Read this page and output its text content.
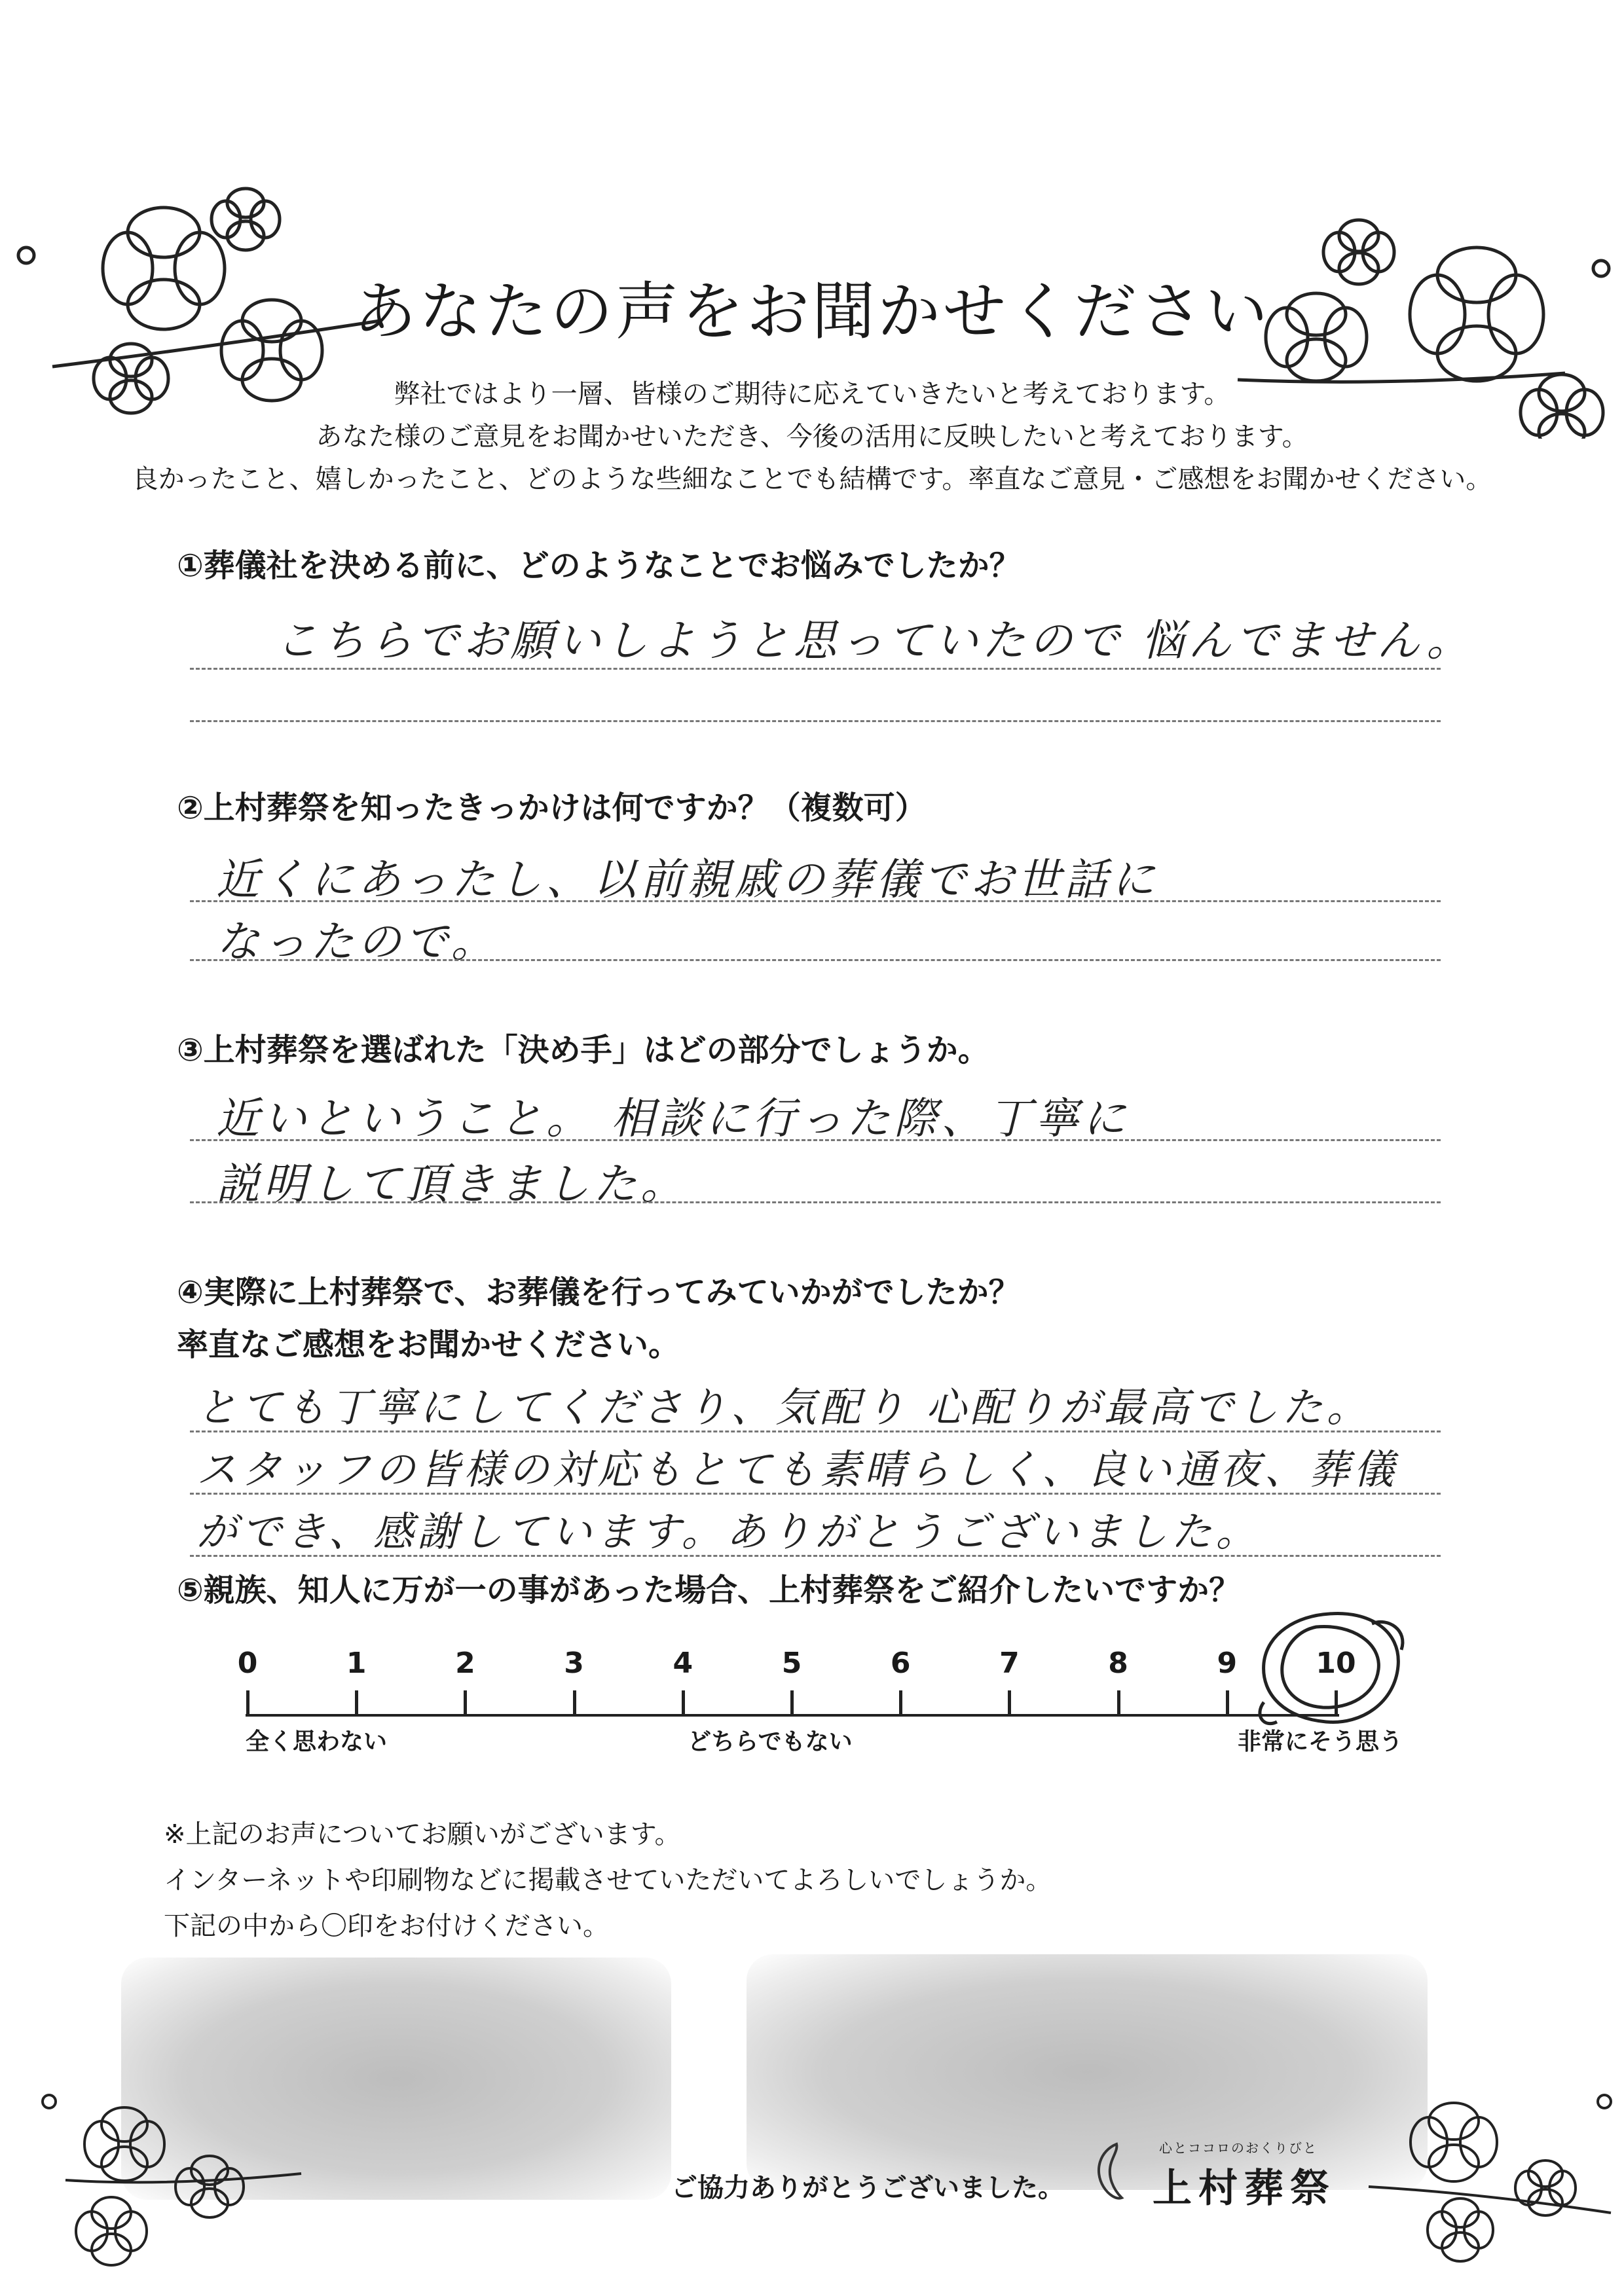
あなたの声をお聞かせください
弊社ではより一層、皆様のご期待に応えていきたいと考えております。
あなた様のご意見をお聞かせいただき、今後の活用に反映したいと考えております。
良かったこと、嬉しかったこと、どのような些細なことでも結構です。率直なご意見・ご感想をお聞かせください。
①葬儀社を決める前に、どのようなことでお悩みでしたか？
こちらでお願いしようと思っていたので 悩んでません。
②上村葬祭を知ったきっかけは何ですか？（複数可）
近くにあったし、以前親戚の葬儀でお世話に
なったので。
③上村葬祭を選ばれた「決め手」はどの部分でしょうか。
近いということ。 相談に行った際、丁寧に
説明して頂きました。
④実際に上村葬祭で、お葬儀を行ってみていかがでしたか？
率直なご感想をお聞かせください。
とても丁寧にしてくださり、気配り 心配りが最高でした。
スタッフの皆様の対応もとても素晴らしく、良い通夜、葬儀
ができ、感謝しています。ありがとうございました。
⑤親族、知人に万が一の事があった場合、上村葬祭をご紹介したいですか？
0	1	2	3	4	5	6	7	8	9	10
全く思わない	どちらでもない	非常にそう思う
※上記のお声についてお願いがございます。
インターネットや印刷物などに掲載させていただいてよろしいでしょうか。
下記の中から〇印をお付けください。
ご協力ありがとうございました。
心とココロのおくりびと
上村葬祭
